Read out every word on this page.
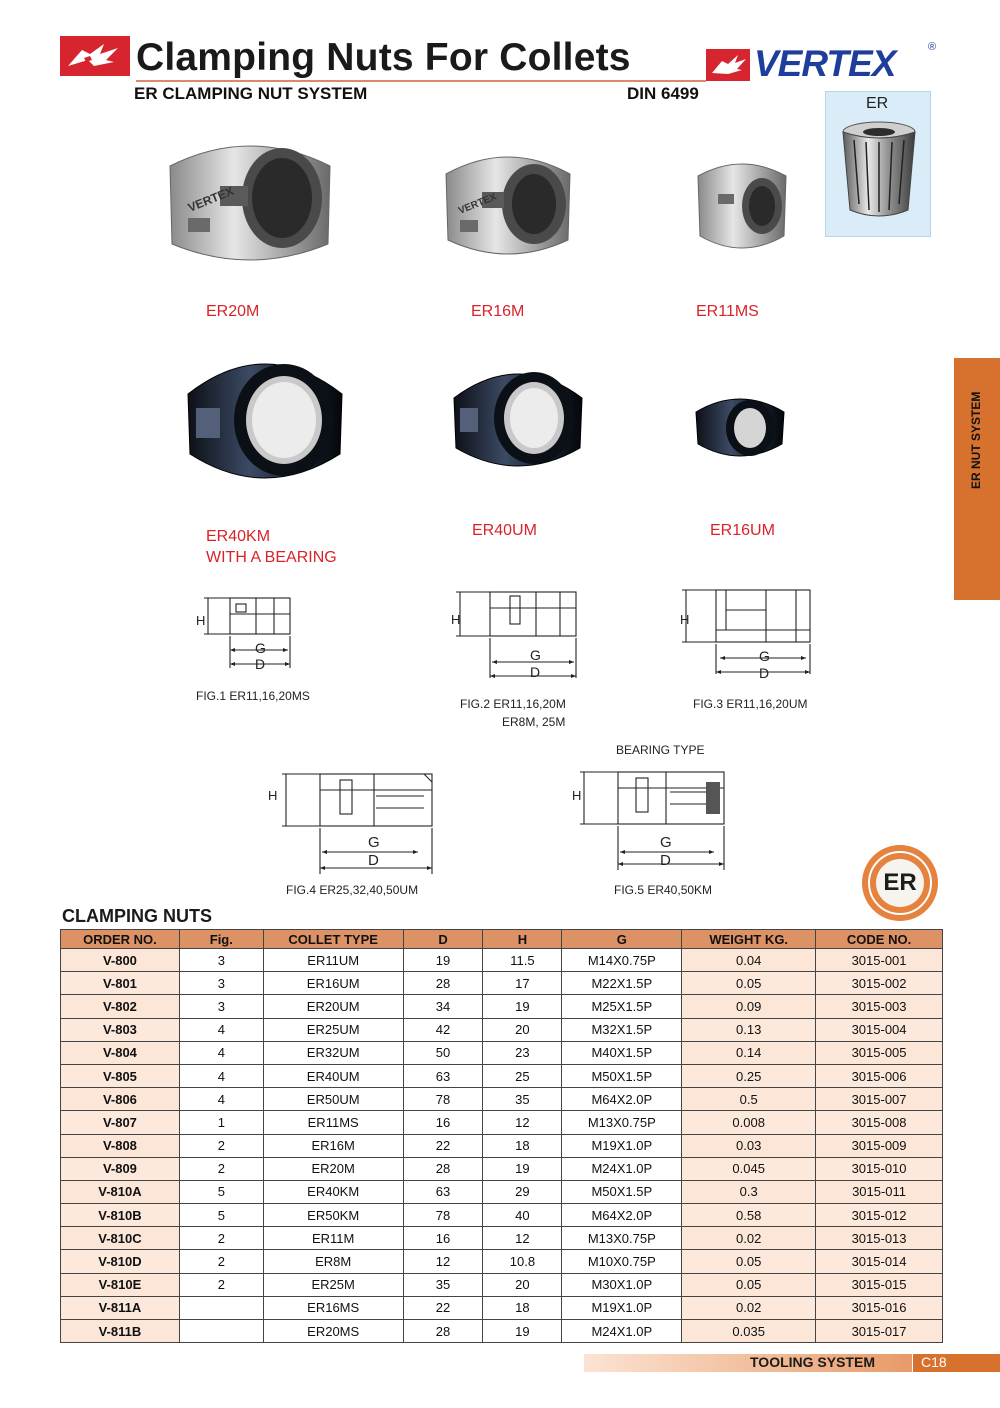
Clamping Nuts For Collets
ER CLAMPING NUT SYSTEM	DIN 6499
VERTEX	®
ER
VERTEX	VERTEX
ER20M	ER16M	ER11MS
ER40KM
WITH A BEARING
ER40UM	ER16UM
H
G
D
FIG.1 ER11,16,20MS
H
G
D
FIG.2 ER11,16,20M
ER8M, 25M
H
G
D
FIG.3 ER11,16,20UM
H
G
D
FIG.4 ER25,32,40,50UM
BEARING TYPE
H
G
D
FIG.5 ER40,50KM
ER NUT SYSTEM
ER
CLAMPING NUTS
ORDER NO.	Fig.	COLLET TYPE	D	H	G	WEIGHT KG.	CODE NO.
V-800	3	ER11UM	19	11.5	M14X0.75P	0.04	3015-001
V-801	3	ER16UM	28	17	M22X1.5P	0.05	3015-002
V-802	3	ER20UM	34	19	M25X1.5P	0.09	3015-003
V-803	4	ER25UM	42	20	M32X1.5P	0.13	3015-004
V-804	4	ER32UM	50	23	M40X1.5P	0.14	3015-005
V-805	4	ER40UM	63	25	M50X1.5P	0.25	3015-006
V-806	4	ER50UM	78	35	M64X2.0P	0.5	3015-007
V-807	1	ER11MS	16	12	M13X0.75P	0.008	3015-008
V-808	2	ER16M	22	18	M19X1.0P	0.03	3015-009
V-809	2	ER20M	28	19	M24X1.0P	0.045	3015-010
V-810A	5	ER40KM	63	29	M50X1.5P	0.3	3015-011
V-810B	5	ER50KM	78	40	M64X2.0P	0.58	3015-012
V-810C	2	ER11M	16	12	M13X0.75P	0.02	3015-013
V-810D	2	ER8M	12	10.8	M10X0.75P	0.05	3015-014
V-810E	2	ER25M	35	20	M30X1.0P	0.05	3015-015
V-811A		ER16MS	22	18	M19X1.0P	0.02	3015-016
V-811B		ER20MS	28	19	M24X1.0P	0.035	3015-017
TOOLING SYSTEM	C18
